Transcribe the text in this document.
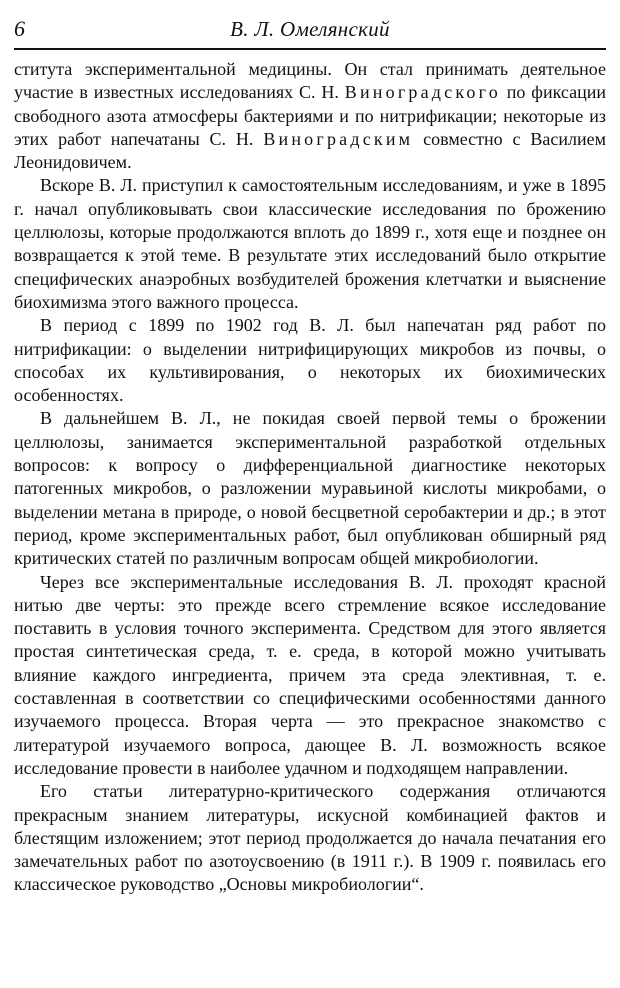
6	В. Л. Омелянский

ститута экспериментальной медицины. Он стал принимать деятельное участие в известных исследованиях С. Н. Виноградского по фиксации свободного азота атмосферы бактериями и по нитрификации; некоторые из этих работ напечатаны С. Н. Виноградским совместно с Василием Леонидовичем.

Вскоре В. Л. приступил к самостоятельным исследованиям, и уже в 1895 г. начал опубликовывать свои классические исследования по брожению целлюлозы, которые продолжаются вплоть до 1899 г., хотя еще и позднее он возвращается к этой теме. В результате этих исследований было открытие специфических анаэробных возбудителей брожения клетчатки и выяснение биохимизма этого важного процесса.

В период с 1899 по 1902 год В. Л. был напечатан ряд работ по нитрификации: о выделении нитрифицирующих микробов из почвы, о способах их культивирования, о некоторых их биохимических особенностях.

В дальнейшем В. Л., не покидая своей первой темы о брожении целлюлозы, занимается экспериментальной разработкой отдельных вопросов: к вопросу о дифференциальной диагностике некоторых патогенных микробов, о разложении муравьиной кислоты микробами, о выделении метана в природе, о новой бесцветной серобактерии и др.; в этот период, кроме экспериментальных работ, был опубликован обширный ряд критических статей по различным вопросам общей микробиологии.

Через все экспериментальные исследования В. Л. проходят красной нитью две черты: это прежде всего стремление всякое исследование поставить в условия точного эксперимента. Средством для этого является простая синтетическая среда, т. е. среда, в которой можно учитывать влияние каждого ингредиента, причем эта среда элективная, т. е. составленная в соответствии со специфическими особенностями данного изучаемого процесса. Вторая черта — это прекрасное знакомство с литературой изучаемого вопроса, дающее В. Л. возможность всякое исследование провести в наиболее удачном и подходящем направлении.

Его статьи литературно-критического содержания отличаются прекрасным знанием литературы, искусной комбинацией фактов и блестящим изложением; этот период продолжается до начала печатания его замечательных работ по азотоусвоению (в 1911 г.). В 1909 г. появилась его классическое руководство „Основы микробиологии“.
